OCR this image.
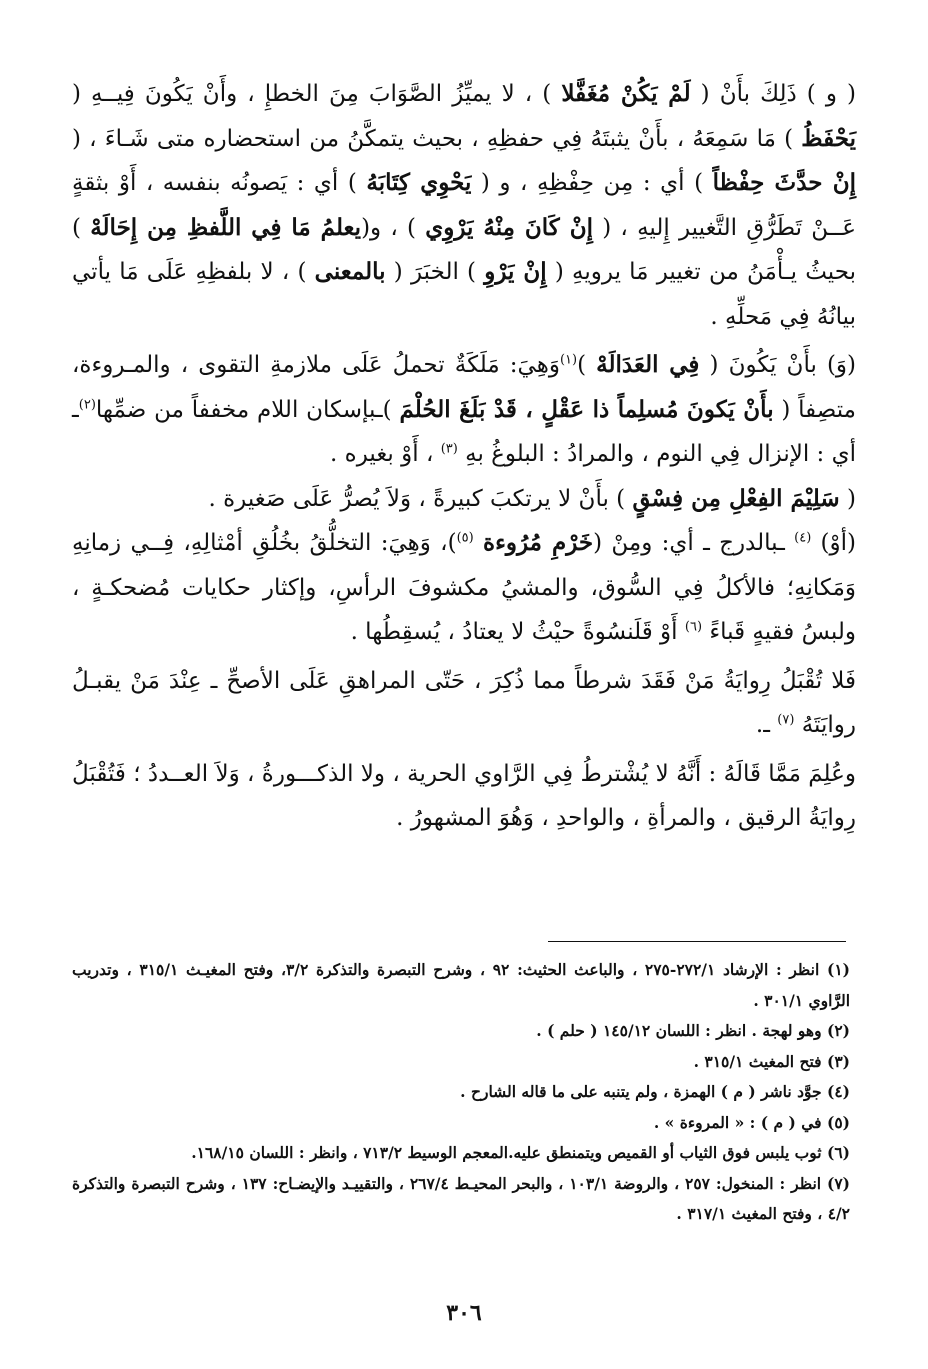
( و ) ذَلِكَ بأَنْ ( لَمْ يَكُنْ مُغَفَّلا ) ، لا يميِّزُ الصَّوَابَ مِنَ الخطإِ ، وأَنْ يَكُونَ فِيــهِ ( يَحْفَظُ ) مَا سَمِعَهُ ، بأَنْ يثبتَهُ فِي حفظِهِ ، بحيث يتمكَّنُ من استحضاره متى شَـاءَ ، ( إِنْ حدَّثَ حِفْظاً ) أي : مِن حِفْظِهِ ، و ( يَحْوِي كِتَابَهُ ) أي : يَصونُه بنفسه ، أَوْ بثقةٍ عَــنْ تَطَرُّقِ التَّغيير إِليهِ ، ( إِنْ كَانَ مِنْهُ يَرْوِي ) ، و(يعلمُ مَا فِي اللَّفظِ مِن إِحَالَهْ ) بحيثُ يـأْمَنُ من تغيير مَا يرويهِ ( إِنْ يَرْوِ ) الخبَرَ ( بالمعنى ) ، لا بلفظِهِ عَلَى مَا يأتي بيانُهُ فِي مَحلِّهِ .

(وَ) بأَنْ يَكُونَ ( فِي العَدَالَهْ )$^{(١)}$وَهِيَ: مَلَكَةٌ تحملُ عَلَى ملازمةِ التقوى ، والمـروءة، متصِفاً ( بأَنْ يَكونَ مُسلِماً ذا عَقْلٍ ، قَدْ بَلَغَ الحُلْمَ )ـبإسكان اللام مخففاً من ضمِّها$^{(٢)}$ـ أي : الإنزال فِي النوم ، والمرادُ : البلوغُ بهِ $^{(٣)}$ ، أَوْ بغيره .

( سَلِيْمَ الفِعْلِ مِن فِسْقٍ ) بأَنْ لا يرتكبَ كبيرةً ، وَلاَ يُصرُّ عَلَى صَغيرة .

(أوْ) $^{(٤)}$ ـبالدرج ـ أي: ومِنْ (خَرْمِ مُرُوءة $^{(٥)}$)، وَهِيَ: التخلُّقُ بخُلُقِ أمْثالِهِ، فِــي زمانِهِ وَمَكانِهِ؛ فالأكلُ فِي السُّوق، والمشيُ مكشوفَ الرأسِ، وإكثار حكايات مُضحكـةٍ ، ولبسُ فقيهٍ قَباءً $^{(٦)}$ أَوْ قَلَنسُوةً حيْثُ لا يعتادُ ، يُسقِطُها .

فَلا تُقْبَلُ رِوايَةُ مَنْ فَقَدَ شرطاً مما ذُكِرَ ، حَتّى المراهقِ عَلَى الأصحِّ ـ عِنْدَ مَنْ يقبـلُ روايَتَهُ $^{(٧)}$ ـ.

وعُلِمَ مَمَّا قَالَهُ : أَنَّهُ لا يُشْترطُ فِي الرَّاوي الحرية ، ولا الذكـــورةُ ، وَلاَ العــددُ ؛ فَتُقْبَلُ رِوايَةُ الرقيق ، والمرأةِ ، والواحدِ ، وَهُوَ المشهورُ .

(١) انظر : الإرشاد ٢٧٢/١-٢٧٥ ، والباعث الحثيث: ٩٢ ، وشرح التبصرة والتذكرة ٣/٢، وفتح المغيـث ٣١٥/١ ، وتدريب الرَّاوي ٣٠١/١ .

(٢) وهو لهجة . انظر : اللسان ١٤٥/١٢ ( حلم ) .

(٣) فتح المغيث ٣١٥/١ .

(٤) جوَّد ناشر ( م ) الهمزة ، ولم يتنبه على ما قاله الشارح .

(٥) في ( م ) : « المروءة » .

(٦) ثوب يلبس فوق الثياب أو القميص ويتمنطق عليه.المعجم الوسيط ٧١٣/٢ ، وانظر : اللسان ١٦٨/١٥.

(٧) انظر : المنخول: ٢٥٧ ، والروضة ١٠٣/١ ، والبحر المحيـط ٢٦٧/٤ ، والتقييـد والإيضـاح: ١٣٧ ، وشرح التبصرة والتذكرة ٤/٢ ، وفتح المغيث ٣١٧/١ .

٣٠٦
